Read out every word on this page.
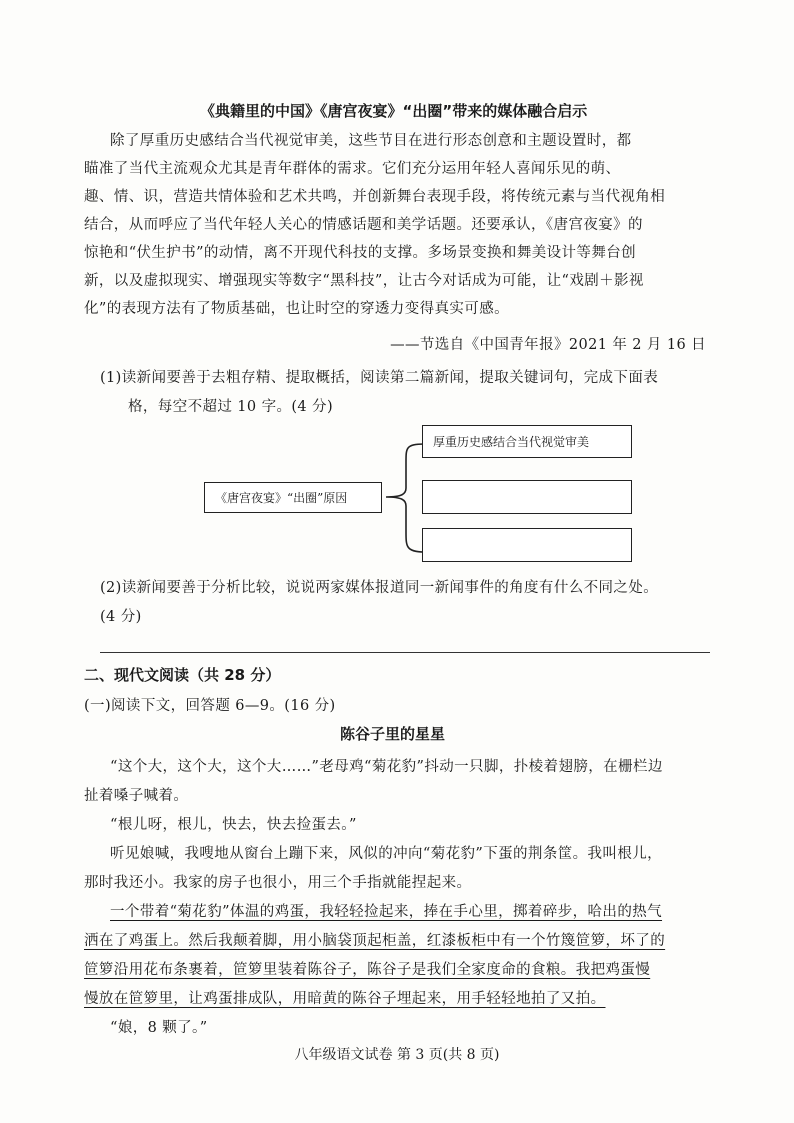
《典籍里的中国》《唐宫夜宴》“出圈”带来的媒体融合启示
除了厚重历史感结合当代视觉审美，这些节目在进行形态创意和主题设置时，都
瞄准了当代主流观众尤其是青年群体的需求。它们充分运用年轻人喜闻乐见的萌、
趣、情、识，营造共情体验和艺术共鸣，并创新舞台表现手段，将传统元素与当代视角相
结合，从而呼应了当代年轻人关心的情感话题和美学话题。还要承认，《唐宫夜宴》的
惊艳和“伏生护书”的动情，离不开现代科技的支撑。多场景变换和舞美设计等舞台创
新，以及虚拟现实、增强现实等数字“黑科技”，让古今对话成为可能，让“戏剧＋影视
化”的表现方法有了物质基础，也让时空的穿透力变得真实可感。
——节选自《中国青年报》2021 年 2 月 16 日
(1)读新闻要善于去粗存精、提取概括，阅读第二篇新闻，提取关键词句，完成下面表
格，每空不超过 10 字。(4 分)
《唐宫夜宴》“出圈”原因
厚重历史感结合当代视觉审美
(2)读新闻要善于分析比较，说说两家媒体报道同一新闻事件的角度有什么不同之处。
(4 分)
二、现代文阅读（共 28 分）
(一)阅读下文，回答题 6—9。(16 分)
陈谷子里的星星
“这个大，这个大，这个大……”老母鸡“菊花豹”抖动一只脚，扑棱着翅膀，在栅栏边
扯着嗓子喊着。
“根儿呀，根儿，快去，快去捡蛋去。”
听见娘喊，我嗖地从窗台上蹦下来，风似的冲向“菊花豹”下蛋的荆条筐。我叫根儿，
那时我还小。我家的房子也很小，用三个手指就能捏起来。
一个带着“菊花豹”体温的鸡蛋，我轻轻捡起来，捧在手心里，掷着碎步，哈出的热气
洒在了鸡蛋上。然后我颠着脚，用小脑袋顶起柜盖，红漆板柜中有一个竹篾笸箩，坏了的
笸箩沿用花布条裹着，笸箩里装着陈谷子，陈谷子是我们全家度命的食粮。我把鸡蛋慢
慢放在笸箩里，让鸡蛋排成队，用暗黄的陈谷子埋起来，用手轻轻地拍了又拍。
“娘，8 颗了。”
八年级语文试卷 第 3 页(共 8 页)
